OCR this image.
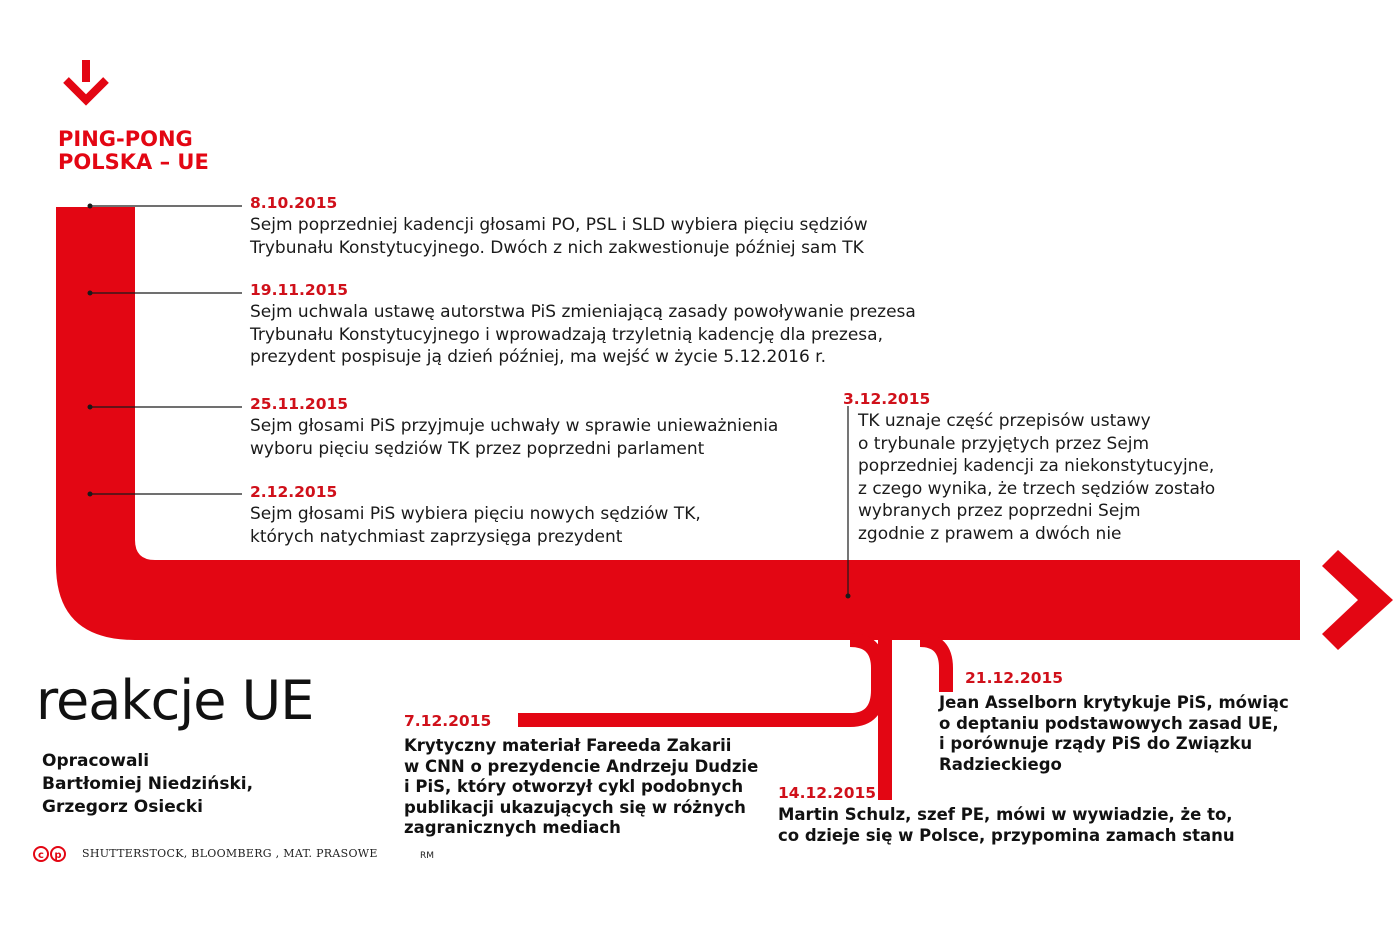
PING-PONG
POLSKA – UE
8.10.2015
Sejm poprzedniej kadencji głosami PO, PSL i SLD wybiera pięciu sędziów
Trybunału Konstytucyjnego. Dwóch z nich zakwestionuje później sam TK
19.11.2015
Sejm uchwala ustawę autorstwa PiS zmieniającą zasady powoływanie prezesa
Trybunału Konstytucyjnego i wprowadzają trzyletnią kadencję dla prezesa,
prezydent pospisuje ją dzień później, ma wejść w życie 5.12.2016 r.
25.11.2015
Sejm głosami PiS przyjmuje uchwały w sprawie unieważnienia
wyboru pięciu sędziów TK przez poprzedni parlament
2.12.2015
Sejm głosami PiS wybiera pięciu nowych sędziów TK,
których natychmiast zaprzysięga prezydent
3.12.2015
TK uznaje część przepisów ustawy
o trybunale przyjętych przez Sejm
poprzedniej kadencji za niekonstytucyjne,
z czego wynika, że trzech sędziów zostało
wybranych przez poprzedni Sejm
zgodnie z prawem a dwóch nie
reakcje UE
Opracowali
Bartłomiej Niedziński,
Grzegorz Osiecki
7.12.2015
Krytyczny materiał Fareeda Zakarii
w CNN o prezydencie Andrzeju Dudzie
i PiS, który otworzył cykl podobnych
publikacji ukazujących się w różnych
zagranicznych mediach
14.12.2015
Martin Schulz, szef PE, mówi w wywiadzie, że to,
co dzieje się w Polsce, przypomina zamach stanu
21.12.2015
Jean Asselborn krytykuje PiS, mówiąc
o deptaniu podstawowych zasad UE,
i porównuje rządy PiS do Związku
Radzieckiego
c p SHUTTERSTOCK, BLOOMBERG , MAT. PRASOWE	RM
